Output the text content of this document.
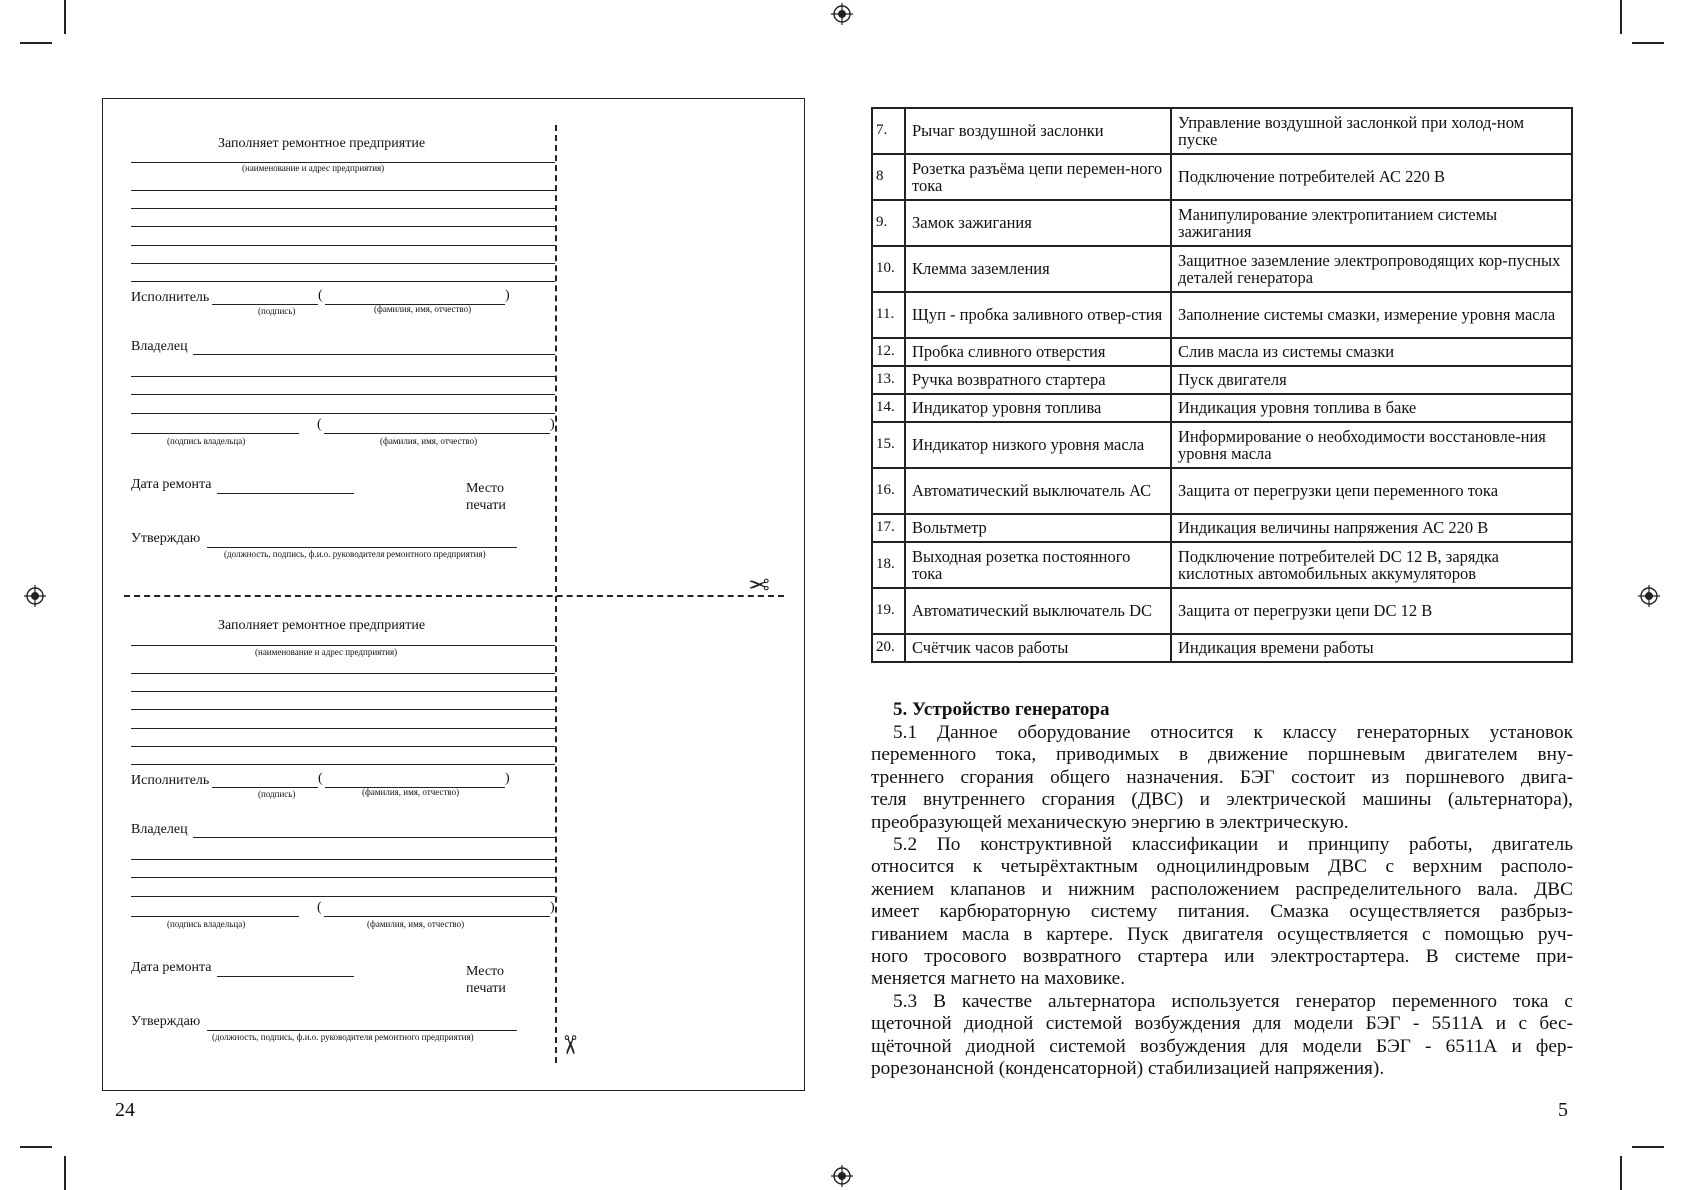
✂
✂
Заполняет ремонтное предприятие
(наименование и адрес предприятия)
Исполнитель	(	)
(подпись)	(фамилия, имя, отчество)
Владелец
(	)
(подпись владельца)	(фамилия, имя, отчество)
Дата ремонта	Место
печати
Утверждаю
(должность, подпись, ф.и.о. руководителя ремонтного предприятия)
Заполняет ремонтное предприятие
(наименование и адрес предприятия)
Исполнитель	(	)
(подпись)	(фамилия, имя, отчество)
Владелец
(	)
(подпись владельца)	(фамилия, имя, отчество)
Дата ремонта	Место
печати
Утверждаю
(должность, подпись, ф.и.о. руководителя ремонтного предприятия)
24
7.	Рычаг воздушной заслонки	Управление воздушной заслонкой при холод-ном пуске
8	Розетка разъёма цепи перемен-ного тока	Подключение потребителей АС 220 В
9.	Замок зажигания	Манипулирование электропитанием системы зажигания
10.	Клемма заземления	Защитное заземление электропроводящих кор-пусных деталей генератора
11.	Щуп - пробка заливного отвер-стия	Заполнение системы смазки, измерение уровня масла
12.	Пробка сливного отверстия	Слив масла из системы смазки
13.	Ручка возвратного стартера	Пуск двигателя
14.	Индикатор уровня топлива	Индикация уровня топлива в баке
15.	Индикатор низкого уровня масла	Информирование о необходимости восстановле-ния уровня масла
16.	Автоматический выключатель АС	Защита от перегрузки цепи переменного тока
17.	Вольтметр	Индикация величины напряжения АС 220 В
18.	Выходная розетка постоянного тока	Подключение потребителей DC 12 В, зарядка кислотных автомобильных аккумуляторов
19.	Автоматический выключатель DC	Защита от перегрузки цепи DC 12 В
20.	Счётчик часов работы	Индикация времени работы
5. Устройство генератора
5.1 Данное оборудование относится к классу генераторных установок
переменного тока, приводимых в движение поршневым двигателем вну-
треннего сгорания общего назначения. БЭГ состоит из поршневого двига-
теля внутреннего сгорания (ДВС) и электрической машины (альтернатора),
преобразующей механическую энергию в электрическую.
5.2 По конструктивной классификации и принципу работы, двигатель
относится к четырёхтактным одноцилиндровым ДВС с верхним располо-
жением клапанов и нижним расположением распределительного вала. ДВС
имеет карбюраторную систему питания. Смазка осуществляется разбрыз-
гиванием масла в картере. Пуск двигателя осуществляется с помощью руч-
ного тросового возвратного стартера или электростартера. В системе при-
меняется магнето на маховике.
5.3 В качестве альтернатора используется генератор переменного тока с
щеточной диодной системой возбуждения для модели БЭГ - 5511А и с бес-
щёточной диодной системой возбуждения для модели БЭГ - 6511А и фер-
рорезонансной (конденсаторной) стабилизацией напряжения).
5
